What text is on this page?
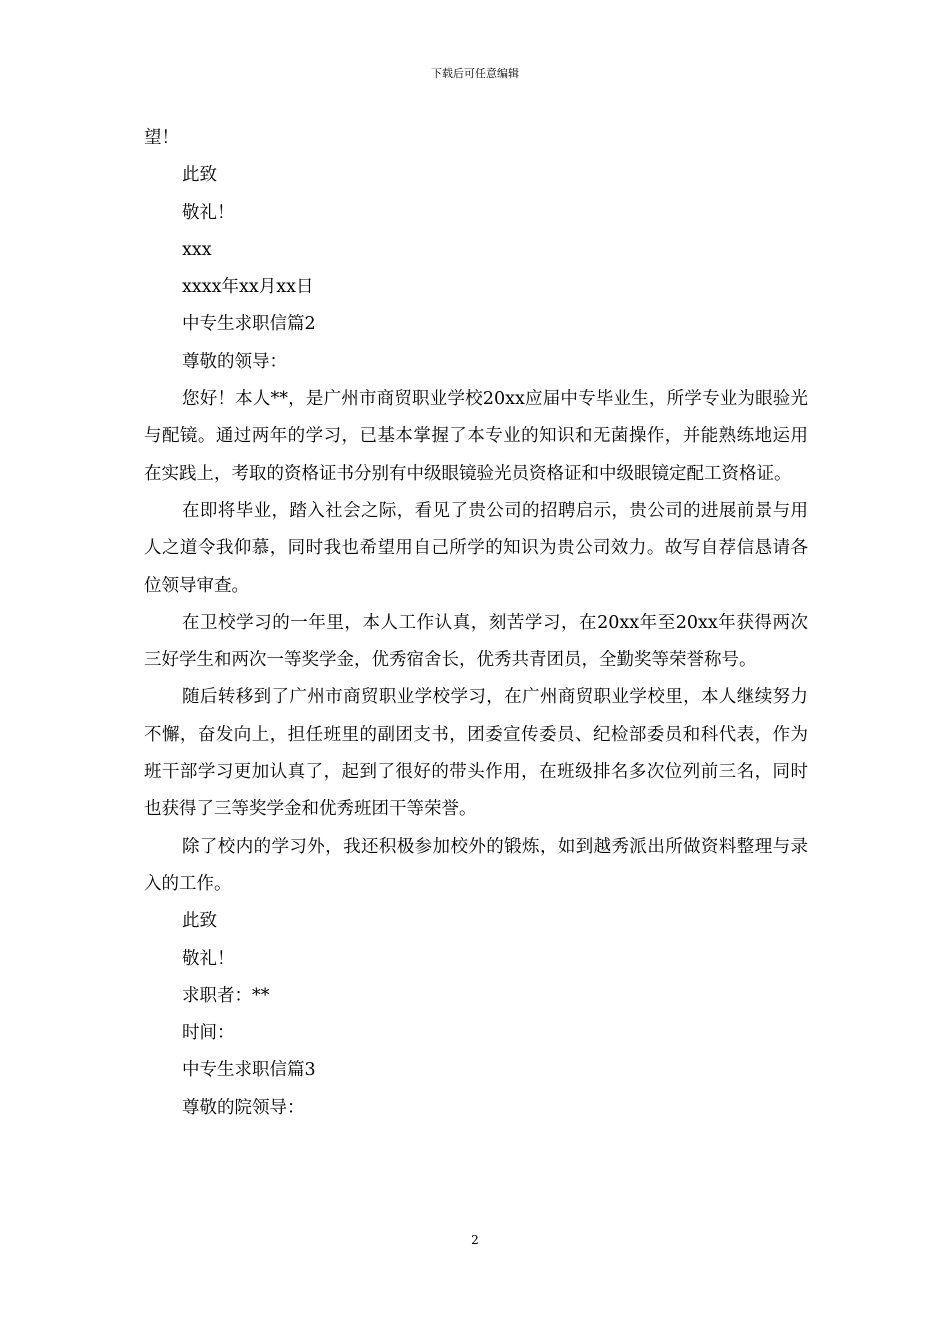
下载后可任意编辑

望！

此致

敬礼！

xxx

xxxx年xx月xx日

中专生求职信篇2

尊敬的领导：

您好！本人**，是广州市商贸职业学校20xx应届中专毕业生，所学专业为眼验光与配镜。通过两年的学习，已基本掌握了本专业的知识和无菌操作，并能熟练地运用在实践上，考取的资格证书分别有中级眼镜验光员资格证和中级眼镜定配工资格证。

在即将毕业，踏入社会之际，看见了贵公司的招聘启示，贵公司的进展前景与用人之道令我仰慕，同时我也希望用自己所学的知识为贵公司效力。故写自荐信恳请各位领导审查。

在卫校学习的一年里，本人工作认真，刻苦学习，在20xx年至20xx年获得两次三好学生和两次一等奖学金，优秀宿舍长，优秀共青团员，全勤奖等荣誉称号。

随后转移到了广州市商贸职业学校学习，在广州商贸职业学校里，本人继续努力不懈，奋发向上，担任班里的副团支书，团委宣传委员、纪检部委员和科代表，作为班干部学习更加认真了，起到了很好的带头作用，在班级排名多次位列前三名，同时也获得了三等奖学金和优秀班团干等荣誉。

除了校内的学习外，我还积极参加校外的锻炼，如到越秀派出所做资料整理与录入的工作。

此致

敬礼！

求职者：**

时间：

中专生求职信篇3

尊敬的院领导：

2
